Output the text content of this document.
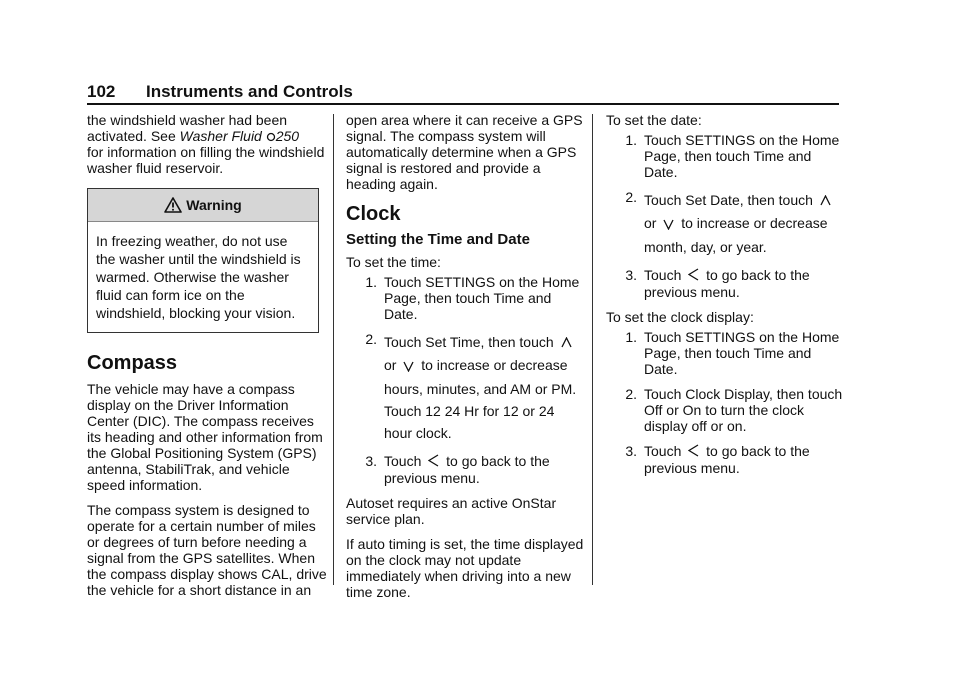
102 Instruments and Controls

the windshield washer had been
activated. See Washer Fluid 250
for information on filling the windshield washer fluid reservoir.

Warning
In freezing weather, do not use the washer until the windshield is warmed. Otherwise the washer fluid can form ice on the windshield, blocking your vision.
Compass

The vehicle may have a compass display on the Driver Information Center (DIC). The compass receives its heading and other information from the Global Positioning System (GPS) antenna, StabiliTrak, and vehicle speed information.

The compass system is designed to operate for a certain number of miles or degrees of turn before needing a signal from the GPS satellites. When the compass display shows CAL, drive the vehicle for a short distance in an

open area where it can receive a GPS signal. The compass system will automatically determine when a GPS signal is restored and provide a heading again.

Clock
Setting the Time and Date

To set the time:

1. Touch SETTINGS on the Home Page, then touch Time and Date.
2. Touch Set Time, then touch
or to increase or decrease hours, minutes, and AM or PM. Touch 12 24 Hr for 12 or 24 hour clock.
3. Touch to go back to the previous menu.

Autoset requires an active OnStar service plan.

If auto timing is set, the time displayed on the clock may not update immediately when driving into a new time zone.

To set the date:

1. Touch SETTINGS on the Home Page, then touch Time and Date.
2. Touch Set Date, then touch
or to increase or decrease month, day, or year.
3. Touch to go back to the previous menu.

To set the clock display:

1. Touch SETTINGS on the Home Page, then touch Time and Date.
2. Touch Clock Display, then touch Off or On to turn the clock display off or on.
3. Touch to go back to the previous menu.
